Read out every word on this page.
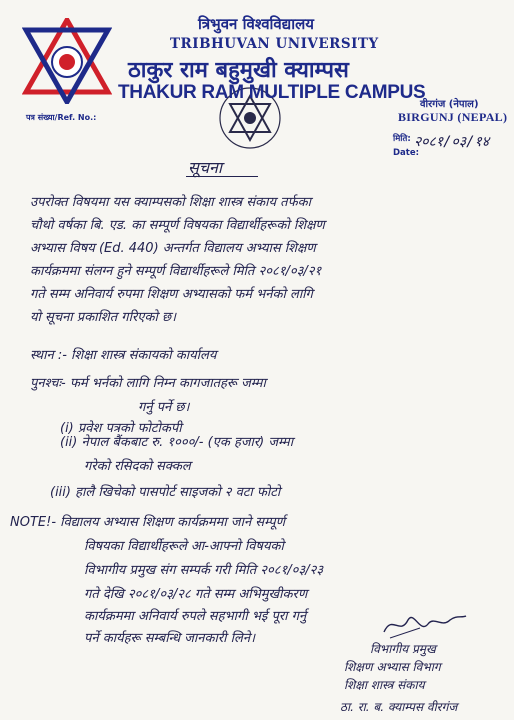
त्रिभुवन विश्वविद्यालय
TRIBHUVAN UNIVERSITY
ठाकुर राम बहुमुखी क्याम्पस
THAKUR RAM MULTIPLE CAMPUS
पत्र संख्या/Ref. No.:
वीरगंज (नेपाल)
BIRGUNJ (NEPAL)
मिति:
Date:
२०८१/०३/१४
सूचना
उपरोक्त विषयमा यस क्याम्पसको शिक्षा शास्त्र संकाय तर्फका
चौथो वर्षका बि. एड. का सम्पूर्ण विषयका विद्यार्थीहरूको शिक्षण
अभ्यास विषय (Ed. 440) अन्तर्गत विद्यालय अभ्यास शिक्षण
कार्यक्रममा संलग्न हुने सम्पूर्ण विद्यार्थीहरूले मिति २०८१/०३/२१
गते सम्म अनिवार्य रुपमा शिक्षण अभ्यासको फर्म भर्नको लागि
यो सूचना प्रकाशित गरिएको छ।
स्थान :- शिक्षा शास्त्र संकायको कार्यालय
पुनश्चः- फर्म भर्नको लागि निम्न कागजातहरू जम्मा
गर्नु पर्ने छ।
(i) प्रवेश पत्रको फोटोकपी
(ii) नेपाल बैंकबाट रु. १०००/- (एक हजार) जम्मा
गरेको रसिदको सक्कल
(iii) हालै खिचेको पासपोर्ट साइजको २ वटा फोटो
NOTE!- विद्यालय अभ्यास शिक्षण कार्यक्रममा जाने सम्पूर्ण
विषयका विद्यार्थीहरूले आ-आफ्नो विषयको
विभागीय प्रमुख संग सम्पर्क गरी मिति २०८१/०३/२३
गते देखि २०८१/०३/२८ गते सम्म अभिमुखीकरण
कार्यक्रममा अनिवार्य रुपले सहभागी भई पूरा गर्नु
पर्ने कार्यहरू सम्बन्धि जानकारी लिने।
विभागीय प्रमुख
शिक्षण अभ्यास विभाग
शिक्षा शास्त्र संकाय
ठा. रा. ब. क्याम्पस वीरगंज
